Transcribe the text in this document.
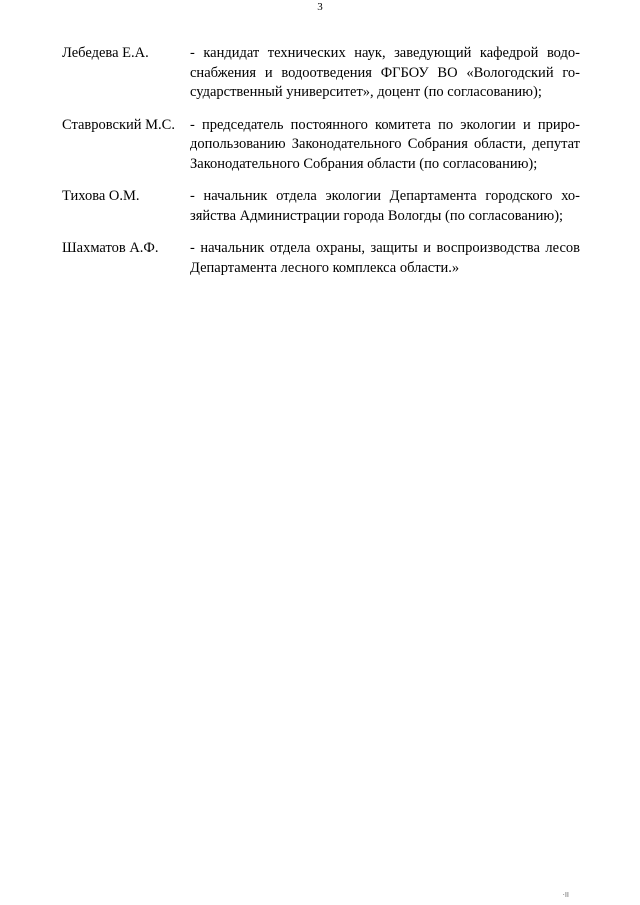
3
Лебедева Е.А.	- кандидат технических наук, заведующий кафедрой водоснабжения и водоотведения ФГБОУ ВО «Вологодский государственный университет», доцент (по согласованию);
Ставровский М.С.	- председатель постоянного комитета по экологии и природопользованию Законодательного Собрания области, депутат Законодательного Собрания области (по согласованию);
Тихова О.М.	- начальник отдела экологии Департамента городского хозяйства Администрации города Вологды (по согласованию);
Шахматов А.Ф.	- начальник отдела охраны, защиты и воспроизводства лесов Департамента лесного комплекса области.»
·II
